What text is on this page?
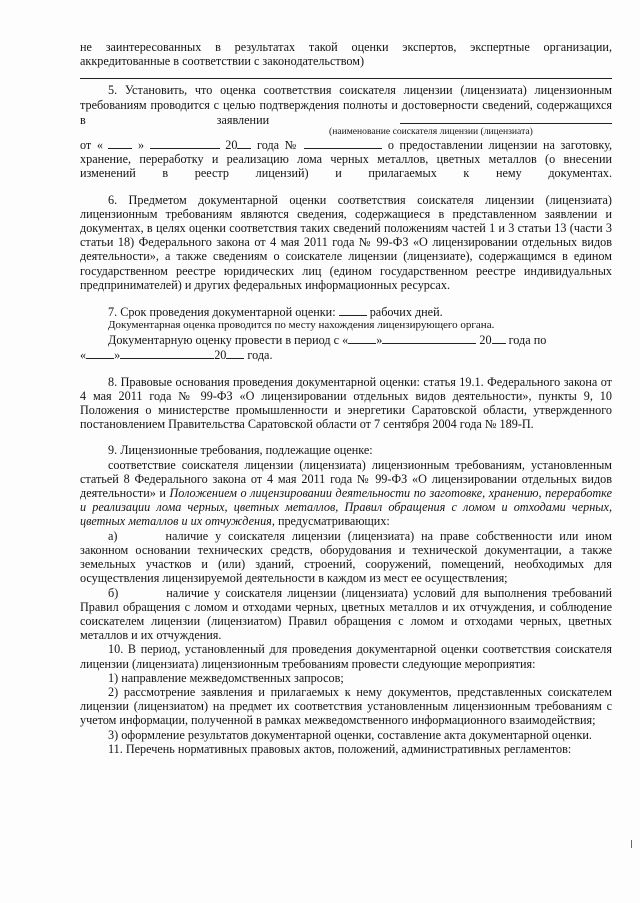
не заинтересованных в результатах такой оценки экспертов, экспертные организации, аккредитованные в соответствии с законодательством)

5. Установить, что оценка соответствия соискателя лицензии (лицензиата) лицензионным требованиям проводится с целью подтверждения полноты и достоверности сведений, содержащихся в заявлении

(наименование соискателя лицензии (лицензиата)

от «	»	20 года №	о предоставлении лицензии на заготовку, хранение, переработку и реализацию лома черных металлов, цветных металлов (о внесении изменений в реестр лицензий) и прилагаемых к нему документах.

6. Предметом документарной оценки соответствия соискателя лицензии (лицензиата) лицензионным требованиям являются сведения, содержащиеся в представленном заявлении и документах, в целях оценки соответствия таких сведений положениям частей 1 и 3 статьи 13 (части 3 статьи 18) Федерального закона от 4 мая 2011 года № 99-ФЗ «О лицензировании отдельных видов деятельности», а также сведениям о соискателе лицензии (лицензиате), содержащимся в едином государственном реестре юридических лиц (едином государственном реестре индивидуальных предпринимателей) и других федеральных информационных ресурсах.

7. Срок проведения документарной оценки:	рабочих дней.

Документарная оценка проводится по месту нахождения лицензирующего органа.

Документарную оценку провести в период с « »	20 года по

« »	20 года.

8. Правовые основания проведения документарной оценки: статья 19.1. Федерального закона от 4 мая 2011 года № 99-ФЗ «О лицензировании отдельных видов деятельности», пункты 9, 10 Положения о министерстве промышленности и энергетики Саратовской области, утвержденного постановлением Правительства Саратовской области от 7 сентября 2004 года № 189-П.

9. Лицензионные требования, подлежащие оценке:

соответствие соискателя лицензии (лицензиата) лицензионным требованиям, установленным статьей 8 Федерального закона от 4 мая 2011 года № 99-ФЗ «О лицензировании отдельных видов деятельности» и Положением о лицензировании деятельности по заготовке, хранению, переработке и реализации лома черных, цветных металлов, Правил обращения с ломом и отходами черных, цветных металлов и их отчуждения, предусматривающих:

а)	наличие у соискателя лицензии (лицензиата) на праве собственности или ином законном основании технических средств, оборудования и технической документации, а также земельных участков и (или) зданий, строений, сооружений, помещений, необходимых для осуществления лицензируемой деятельности в каждом из мест ее осуществления;

б)	наличие у соискателя лицензии (лицензиата) условий для выполнения требований Правил обращения с ломом и отходами черных, цветных металлов и их отчуждения, и соблюдение соискателем лицензии (лицензиатом) Правил обращения с ломом и отходами черных, цветных металлов и их отчуждения.

10. В период, установленный для проведения документарной оценки соответствия соискателя лицензии (лицензиата) лицензионным требованиям провести следующие мероприятия:

1) направление межведомственных запросов;

2) рассмотрение заявления и прилагаемых к нему документов, представленных соискателем лицензии (лицензиатом) на предмет их соответствия установленным лицензионным требованиям с учетом информации, полученной в рамках межведомственного информационного взаимодействия;

3) оформление результатов документарной оценки, составление акта документарной оценки.

11. Перечень нормативных правовых актов, положений, административных регламентов:
